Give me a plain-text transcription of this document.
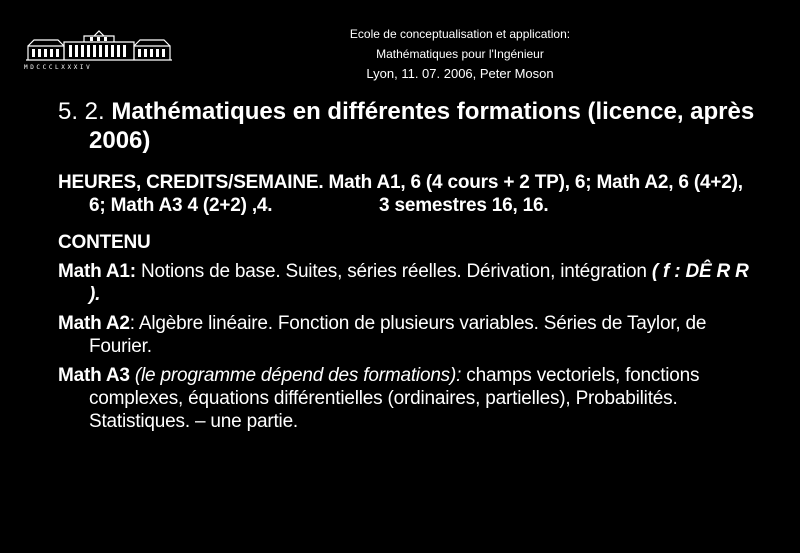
MDCCCLXXXIV
Ecole de conceptualisation et application:
Mathématiques pour l'Ingénieur
Lyon, 11. 07. 2006, Peter Moson
5. 2. Mathématiques en différentes formations (licence, après 2006)
HEURES, CREDITS/SEMAINE. Math A1, 6 (4 cours + 2 TP), 6; Math A2, 6 (4+2), 6; Math A3 4 (2+2) ,4.	3 semestres 16, 16.
CONTENU
Math A1: Notions de base. Suites, séries réelles. Dérivation, intégration ( f : DÊ R R ).
Math A2: Algèbre linéaire. Fonction de plusieurs variables. Séries de Taylor, de Fourier.
Math A3 (le programme dépend des formations): champs vectoriels, fonctions complexes, équations différentielles (ordinaires, partielles), Probabilités. Statistiques. – une partie.
